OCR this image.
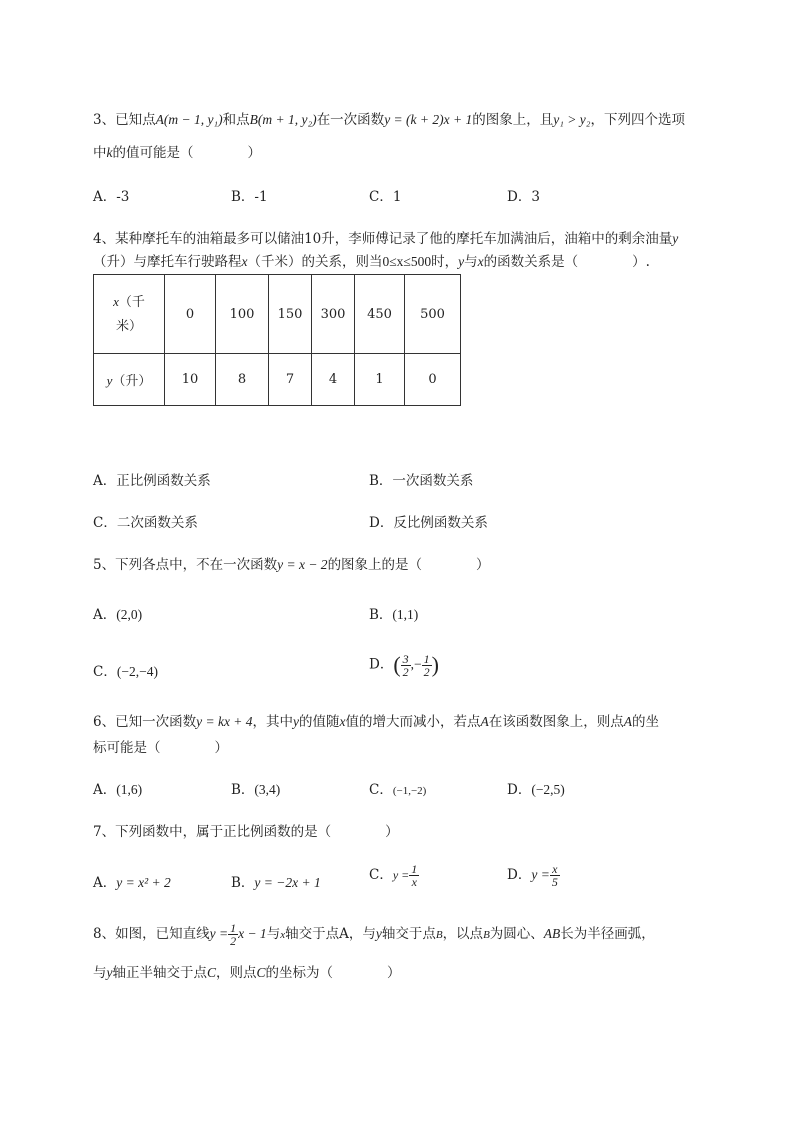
3、已知点A(m − 1, y₁)和点B(m + 1, y₂)在一次函数y = (k + 2)x + 1的图象上，且y₁ > y₂，下列四个选项
中k的值可能是（　　　　）
A．-3	B．-1	C．1	D．3
4、某种摩托车的油箱最多可以储油10升，李师傅记录了他的摩托车加满油后，油箱中的剩余油量y
（升）与摩托车行驶路程x（千米）的关系，则当0≤x≤500时，y与x的函数关系是（　　　　）.
x（千
米）	0	100	150	300	450	500
y（升）	10	8	7	4	1	0
A．正比例函数关系	B．一次函数关系
C．二次函数关系	D．反比例函数关系
5、下列各点中，不在一次函数y = x − 2的图象上的是（　　　　）
A．(2,0)	B．(1,1)
C．(−2,−4)	D．( $\frac{3}{2}$ ,− $\frac{1}{2}$ )
6、已知一次函数y = kx + 4，其中y的值随x值的增大而减小，若点A在该函数图象上，则点A的坐
标可能是（　　　　）
A．(1,6)	B．(3,4)	C．(−1,−2)	D．(−2,5)
7、下列函数中，属于正比例函数的是（　　　　）
A．y = x² + 2	B．y = −2x + 1	C．$y = \frac{1}{x}$	D．$y = \frac{x}{5}$
8、如图，已知直线$y = \frac{1}{2}$ x − 1与x轴交于点A，与y轴交于点B，以点B为圆心、AB长为半径画弧，
与y轴正半轴交于点C，则点C的坐标为（　　　　）
